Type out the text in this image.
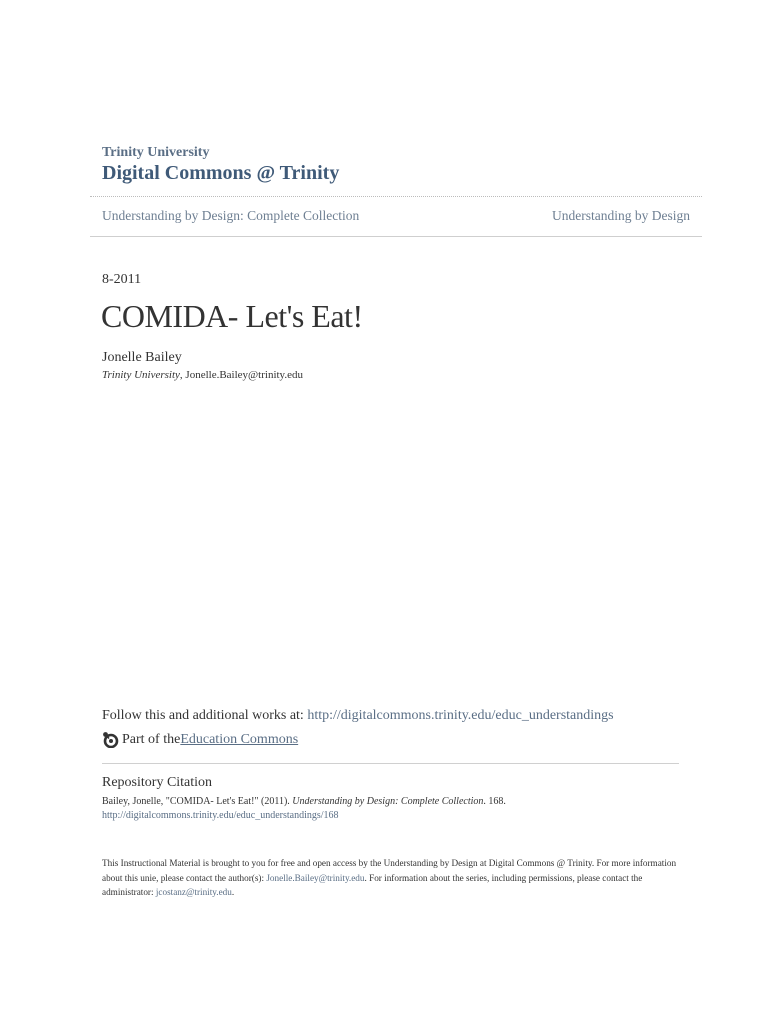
Trinity University
Digital Commons @ Trinity
Understanding by Design: Complete Collection	Understanding by Design
8-2011
COMIDA- Let's Eat!
Jonelle Bailey
Trinity University, Jonelle.Bailey@trinity.edu
Follow this and additional works at: http://digitalcommons.trinity.edu/educ_understandings
Part of the Education Commons
Repository Citation
Bailey, Jonelle, "COMIDA- Let's Eat!" (2011). Understanding by Design: Complete Collection. 168.
http://digitalcommons.trinity.edu/educ_understandings/168
This Instructional Material is brought to you for free and open access by the Understanding by Design at Digital Commons @ Trinity. For more information about this unie, please contact the author(s): Jonelle.Bailey@trinity.edu. For information about the series, including permissions, please contact the administrator: jcostanz@trinity.edu.
